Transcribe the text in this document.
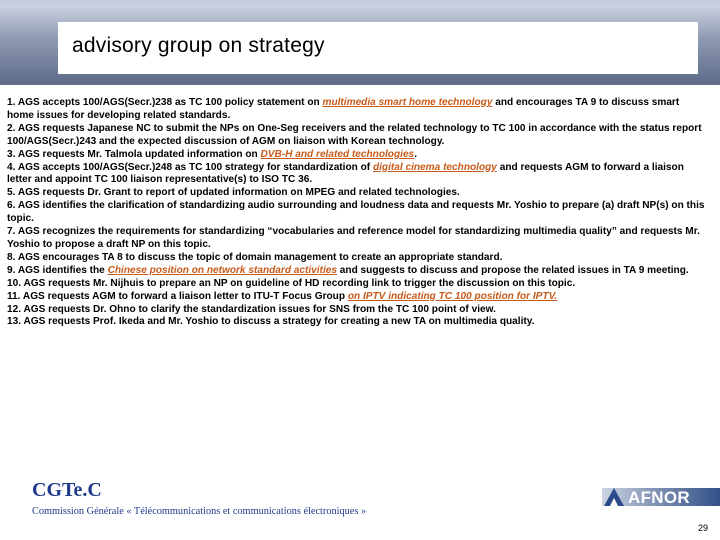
advisory group on strategy

1. AGS accepts 100/AGS(Secr.)238 as TC 100 policy statement on multimedia smart home technology and encourages TA 9 to discuss smart home issues for developing related standards.

2. AGS requests Japanese NC to submit the NPs on One-Seg receivers and the related technology to TC 100 in accordance with the status report 100/AGS(Secr.)243 and the expected discussion of AGM on liaison with Korean technology.

3. AGS requests Mr. Talmola updated information on DVB-H and related technologies.

4. AGS accepts 100/AGS(Secr.)248 as TC 100 strategy for standardization of digital cinema technology and requests AGM to forward a liaison letter and appoint TC 100 liaison representative(s) to ISO TC 36.

5. AGS requests Dr. Grant to report of updated information on MPEG and related technologies.

6. AGS identifies the clarification of standardizing audio surrounding and loudness data and requests Mr. Yoshio to prepare (a) draft NP(s) on this topic.

7. AGS recognizes the requirements for standardizing “vocabularies and reference model for standardizing multimedia quality” and requests Mr. Yoshio to propose a draft NP on this topic.

8. AGS encourages TA 8 to discuss the topic of domain management to create an appropriate standard.

9. AGS identifies the Chinese position on network standard activities and suggests to discuss and propose the related issues in TA 9 meeting.

10. AGS requests Mr. Nijhuis to prepare an NP on guideline of HD recording link to trigger the discussion on this topic.

11. AGS requests AGM to forward a liaison letter to ITU-T Focus Group on IPTV indicating TC 100 position for IPTV.

12. AGS requests Dr. Ohno to clarify the standardization issues for SNS from the TC 100 point of view.

13. AGS requests Prof. Ikeda and Mr. Yoshio to discuss a strategy for creating a new TA on multimedia quality.

CGTe.C
Commission Générale « Télécommunications et communications électroniques »
AFNOR
29
